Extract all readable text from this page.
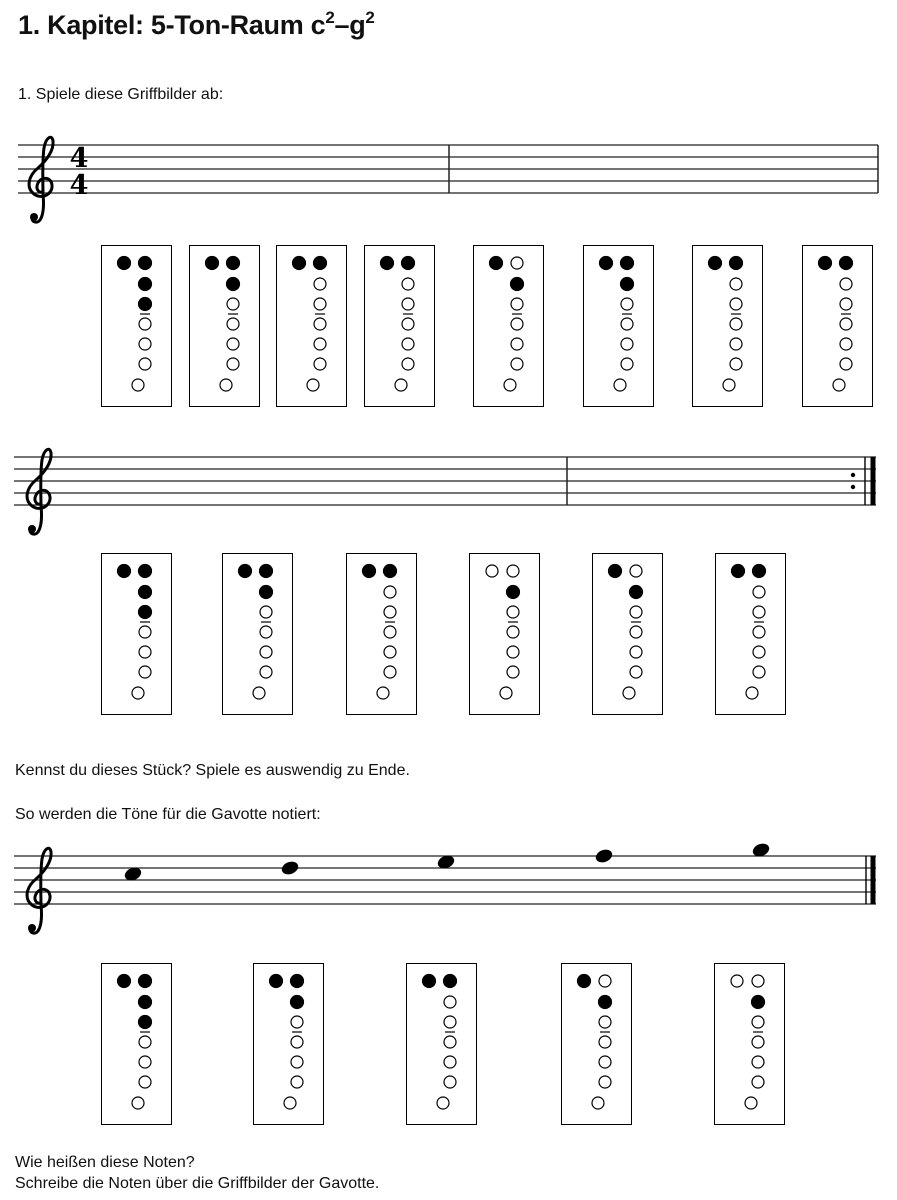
1. Kapitel: 5-Ton-Raum $c^2-g^2$
1. Spiele diese Griffbilder ab:
4
4
Kennst du dieses Stück? Spiele es auswendig zu Ende.
So werden die Töne für die Gavotte notiert:
Wie heißen diese Noten?
Schreibe die Noten über die Griffbilder der Gavotte.
